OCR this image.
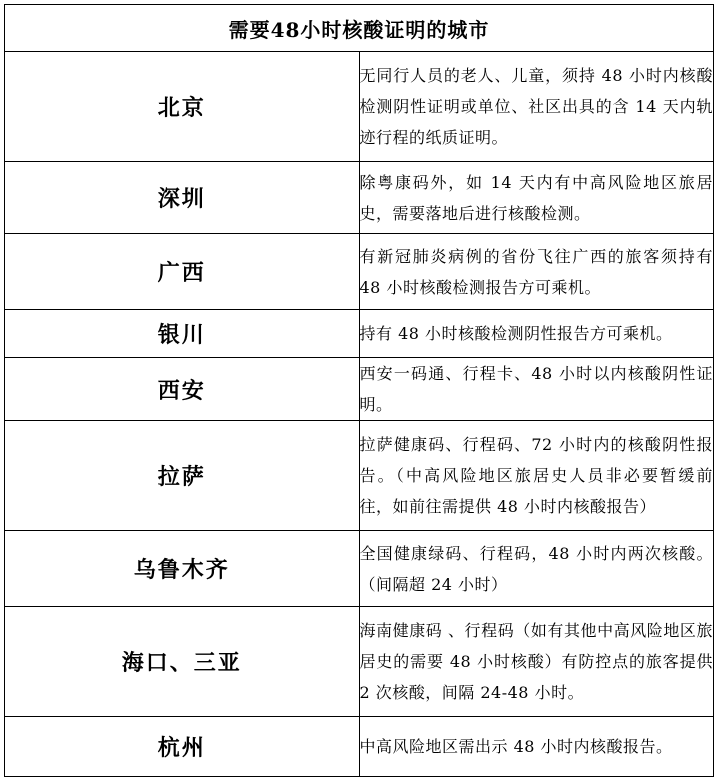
需要48小时核酸证明的城市	
北京	无同行人员的老人、儿童，须持 48 小时内核酸检测阴性证明或单位、社区出具的含 14 天内轨迹行程的纸质证明。
深圳	除粤康码外，如 14 天内有中高风险地区旅居史，需要落地后进行核酸检测。
广西	有新冠肺炎病例的省份飞往广西的旅客须持有 48 小时核酸检测报告方可乘机。
银川	持有 48 小时核酸检测阴性报告方可乘机。
西安	西安一码通、行程卡、48 小时以内核酸阴性证明。
拉萨	拉萨健康码、行程码、72 小时内的核酸阴性报告。（中高风险地区旅居史人员非必要暂缓前往，如前往需提供 48 小时内核酸报告）
乌鲁木齐	全国健康绿码、行程码，48 小时内两次核酸。（间隔超 24 小时）
海口、三亚	海南健康码 、行程码（如有其他中高风险地区旅居史的需要 48 小时核酸）有防控点的旅客提供 2 次核酸，间隔 24-48 小时。
杭州	中高风险地区需出示 48 小时内核酸报告。
